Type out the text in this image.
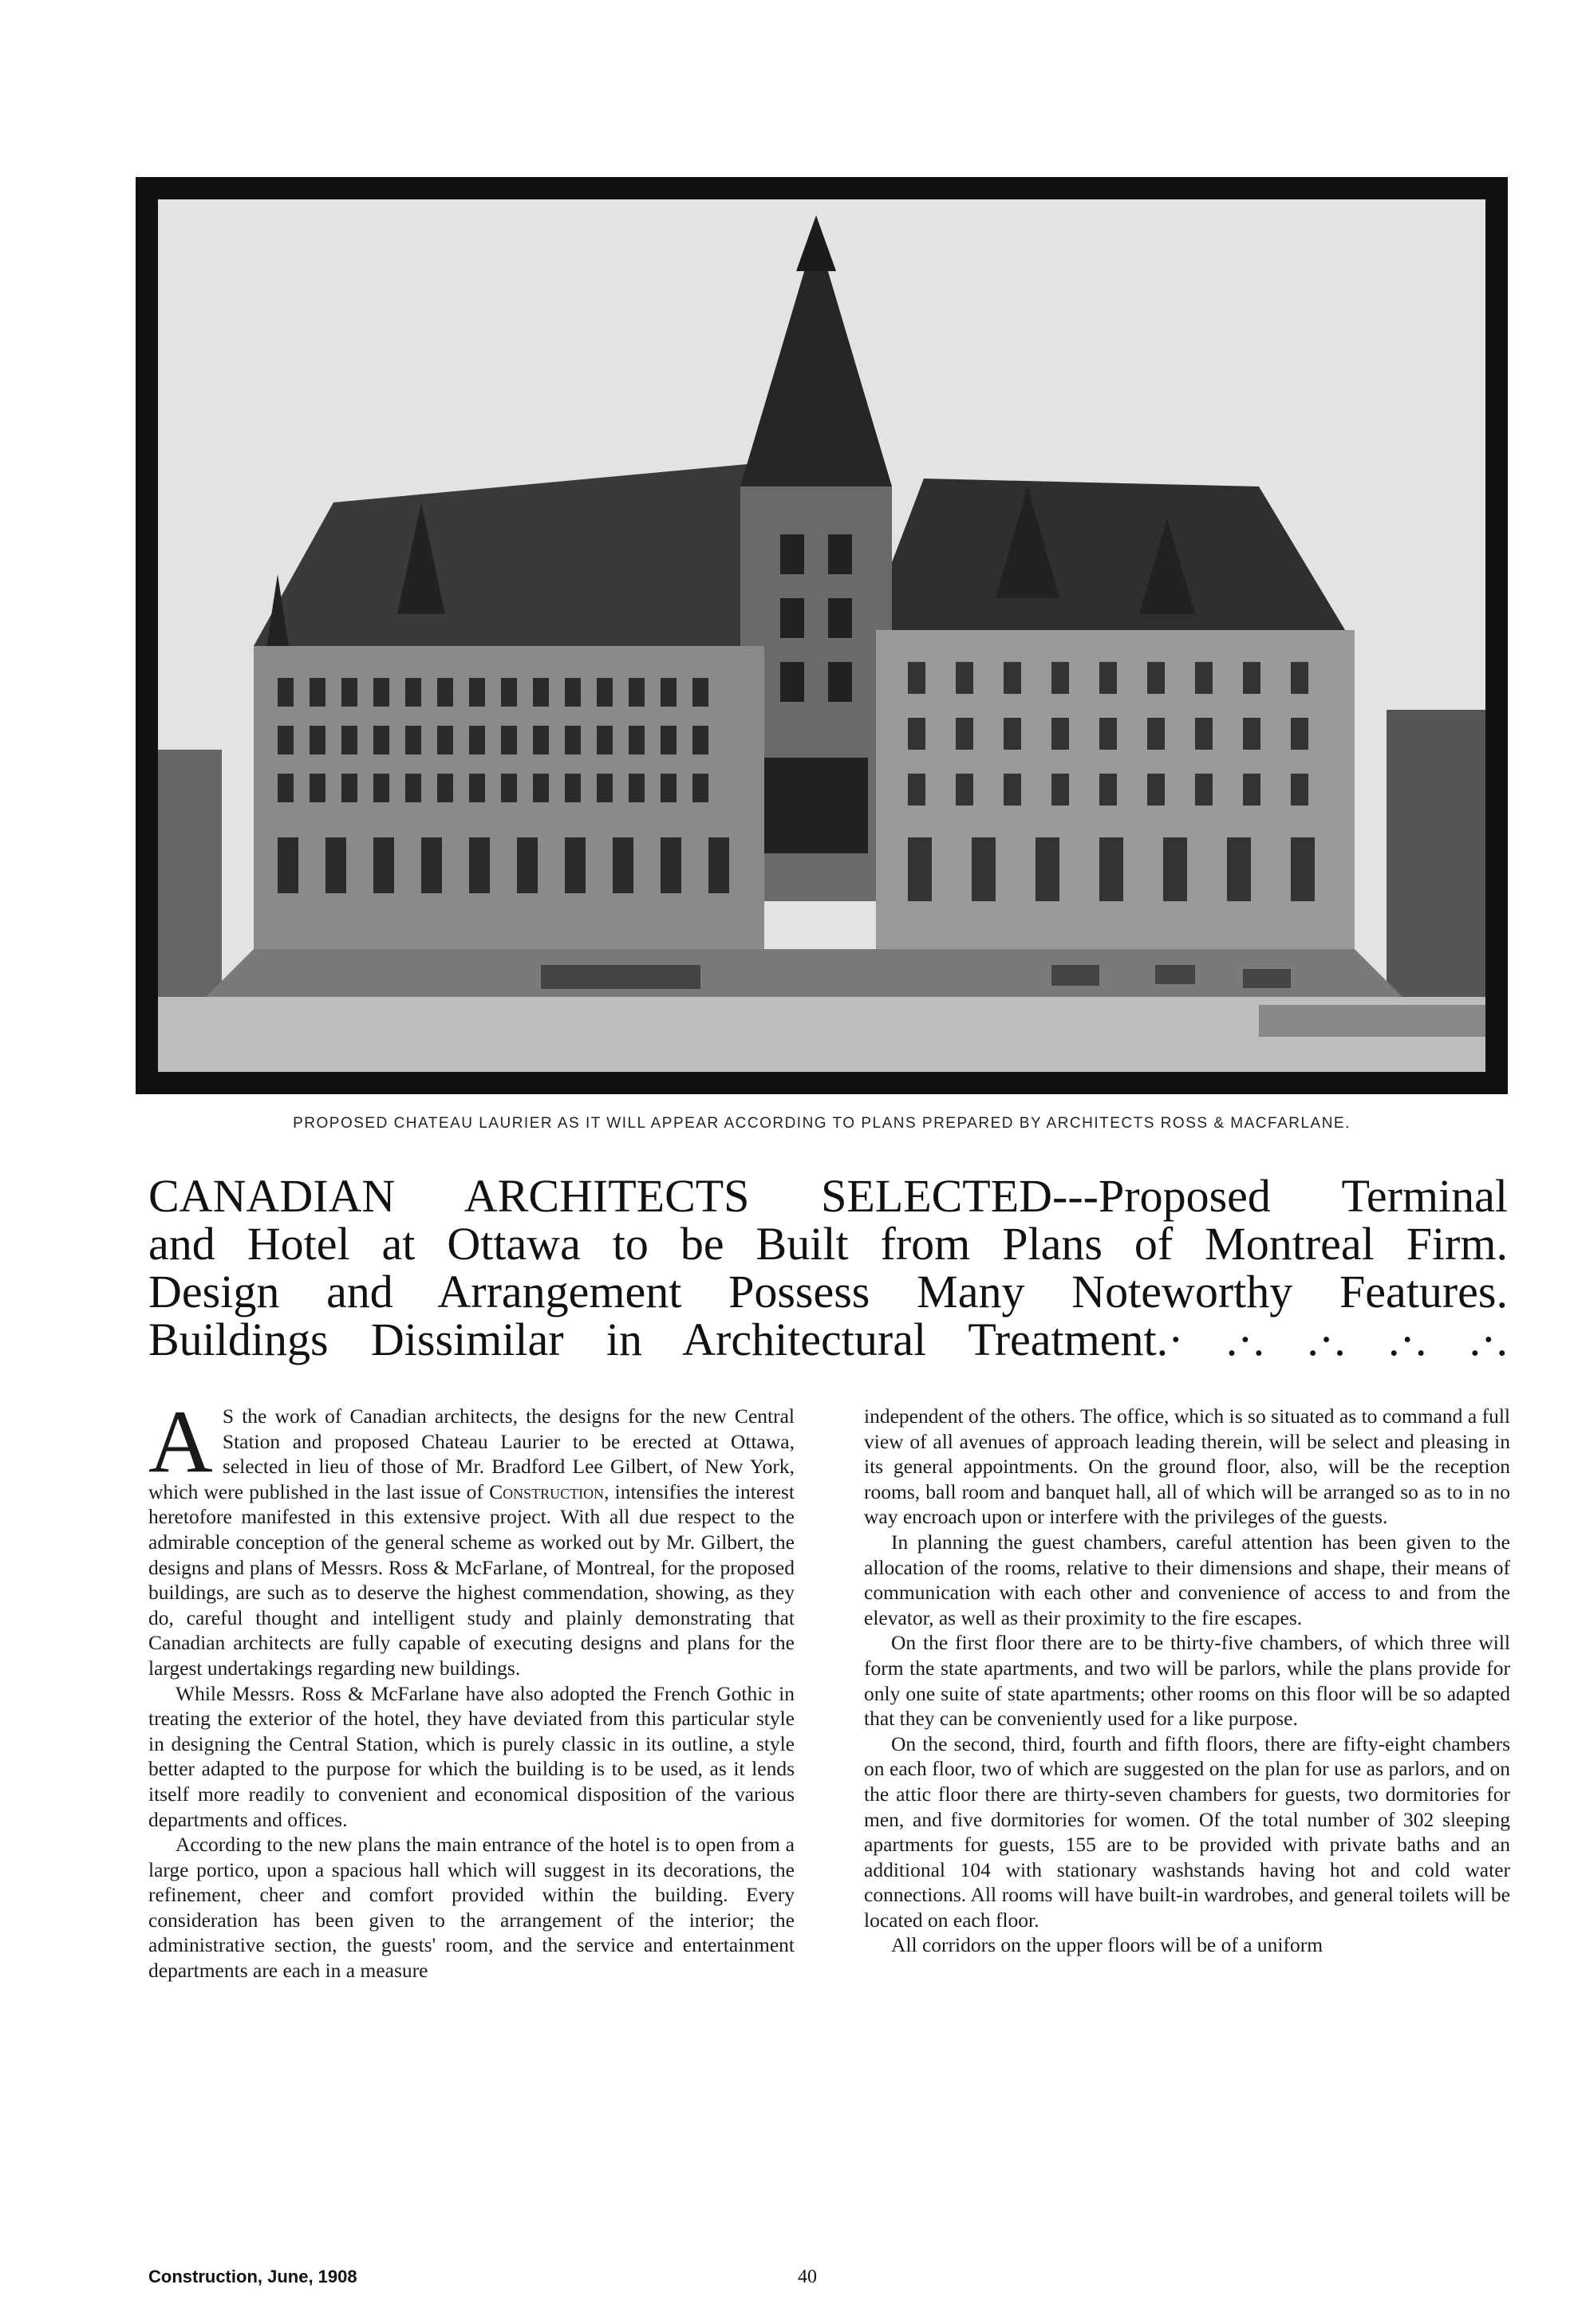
PROPOSED CHATEAU LAURIER AS IT WILL APPEAR ACCORDING TO PLANS PREPARED BY ARCHITECTS ROSS & MACFARLANE.
CANADIAN ARCHITECTS SELECTED---Proposed Terminal
and Hotel at Ottawa to be Built from Plans of Montreal Firm.
Design and Arrangement Possess Many Noteworthy Features.
Buildings Dissimilar in Architectural Treatment.· .·. .·. .·. .·.

A S the work of Canadian architects, the designs for the new Central Station and proposed Chateau Laurier to be erected at Ottawa, selected in lieu of those of Mr. Bradford Lee Gilbert, of New York, which were published in the last issue of Construction, intensifies the interest heretofore manifested in this extensive project. With all due respect to the admirable conception of the general scheme as worked out by Mr. Gilbert, the designs and plans of Messrs. Ross & McFarlane, of Montreal, for the proposed buildings, are such as to deserve the highest commendation, showing, as they do, careful thought and intelligent study and plainly demonstrating that Canadian architects are fully capable of executing designs and plans for the largest undertakings regarding new buildings.

While Messrs. Ross & McFarlane have also adopted the French Gothic in treating the exterior of the hotel, they have deviated from this particular style in designing the Central Station, which is purely classic in its outline, a style better adapted to the purpose for which the building is to be used, as it lends itself more readily to convenient and economical disposition of the various departments and offices.

According to the new plans the main entrance of the hotel is to open from a large portico, upon a spacious hall which will suggest in its decorations, the refinement, cheer and comfort provided within the building. Every consideration has been given to the arrangement of the interior; the administrative section, the guests' room, and the service and entertainment departments are each in a measure

independent of the others. The office, which is so situated as to command a full view of all avenues of approach leading therein, will be select and pleasing in its general appointments. On the ground floor, also, will be the reception rooms, ball room and banquet hall, all of which will be arranged so as to in no way encroach upon or interfere with the privileges of the guests.

In planning the guest chambers, careful attention has been given to the allocation of the rooms, relative to their dimensions and shape, their means of communication with each other and convenience of access to and from the elevator, as well as their proximity to the fire escapes.

On the first floor there are to be thirty-five chambers, of which three will form the state apartments, and two will be parlors, while the plans provide for only one suite of state apartments; other rooms on this floor will be so adapted that they can be conveniently used for a like purpose.

On the second, third, fourth and fifth floors, there are fifty-eight chambers on each floor, two of which are suggested on the plan for use as parlors, and on the attic floor there are thirty-seven chambers for guests, two dormitories for men, and five dormitories for women. Of the total number of 302 sleeping apartments for guests, 155 are to be provided with private baths and an additional 104 with stationary washstands having hot and cold water connections. All rooms will have built-in wardrobes, and general toilets will be located on each floor.

All corridors on the upper floors will be of a uniform

Construction, June, 1908	40
